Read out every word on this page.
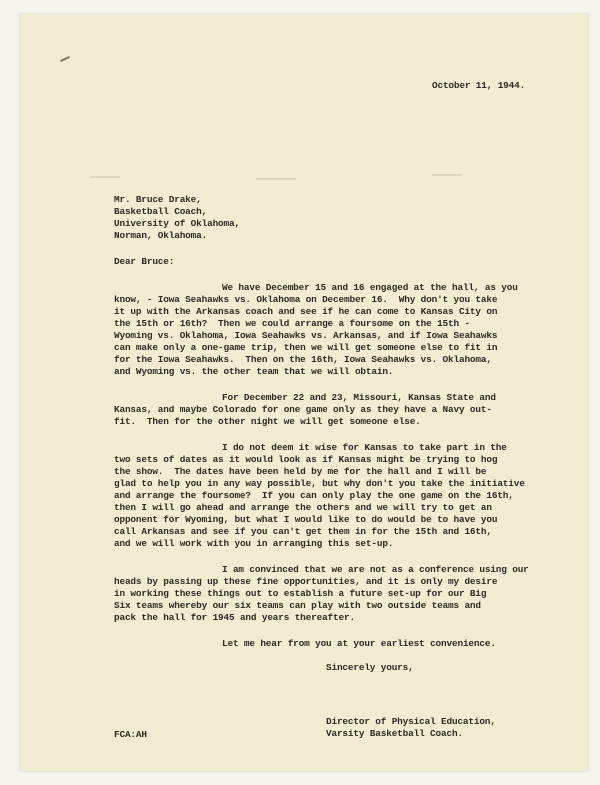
October 11, 1944.
Mr. Bruce Drake,
Basketball Coach,
University of Oklahoma,
Norman, Oklahoma.
Dear Bruce:
We have December 15 and 16 engaged at the hall, as you
know, - Iowa Seahawks vs. Oklahoma on December 16.  Why don't you take
it up with the Arkansas coach and see if he can come to Kansas City on
the 15th or 16th?  Then we could arrange a foursome on the 15th -
Wyoming vs. Oklahoma, Iowa Seahawks vs. Arkansas, and if Iowa Seahawks
can make only a one-game trip, then we will get someone else to fit in
for the Iowa Seahawks.  Then on the 16th, Iowa Seahawks vs. Oklahoma,
and Wyoming vs. the other team that we will obtain.
For December 22 and 23, Missouri, Kansas State and
Kansas, and maybe Colorado for one game only as they have a Navy out-
fit.  Then for the other night we will get someone else.
I do not deem it wise for Kansas to take part in the
two sets of dates as it would look as if Kansas might be trying to hog
the show.  The dates have been held by me for the hall and I will be
glad to help you in any way possible, but why don't you take the initiative
and arrange the foursome?  If you can only play the one game on the 16th,
then I will go ahead and arrange the others and we will try to get an
opponent for Wyoming, but what I would like to do would be to have you
call Arkansas and see if you can't get them in for the 15th and 16th,
and we will work with you in arranging this set-up.
I am convinced that we are not as a conference using our
heads by passing up these fine opportunities, and it is only my desire
in working these things out to establish a future set-up for our Big
Six teams whereby our six teams can play with two outside teams and
pack the hall for 1945 and years thereafter.
Let me hear from you at your earliest convenience.
Sincerely yours,
Director of Physical Education,
Varsity Basketball Coach.
FCA:AH
